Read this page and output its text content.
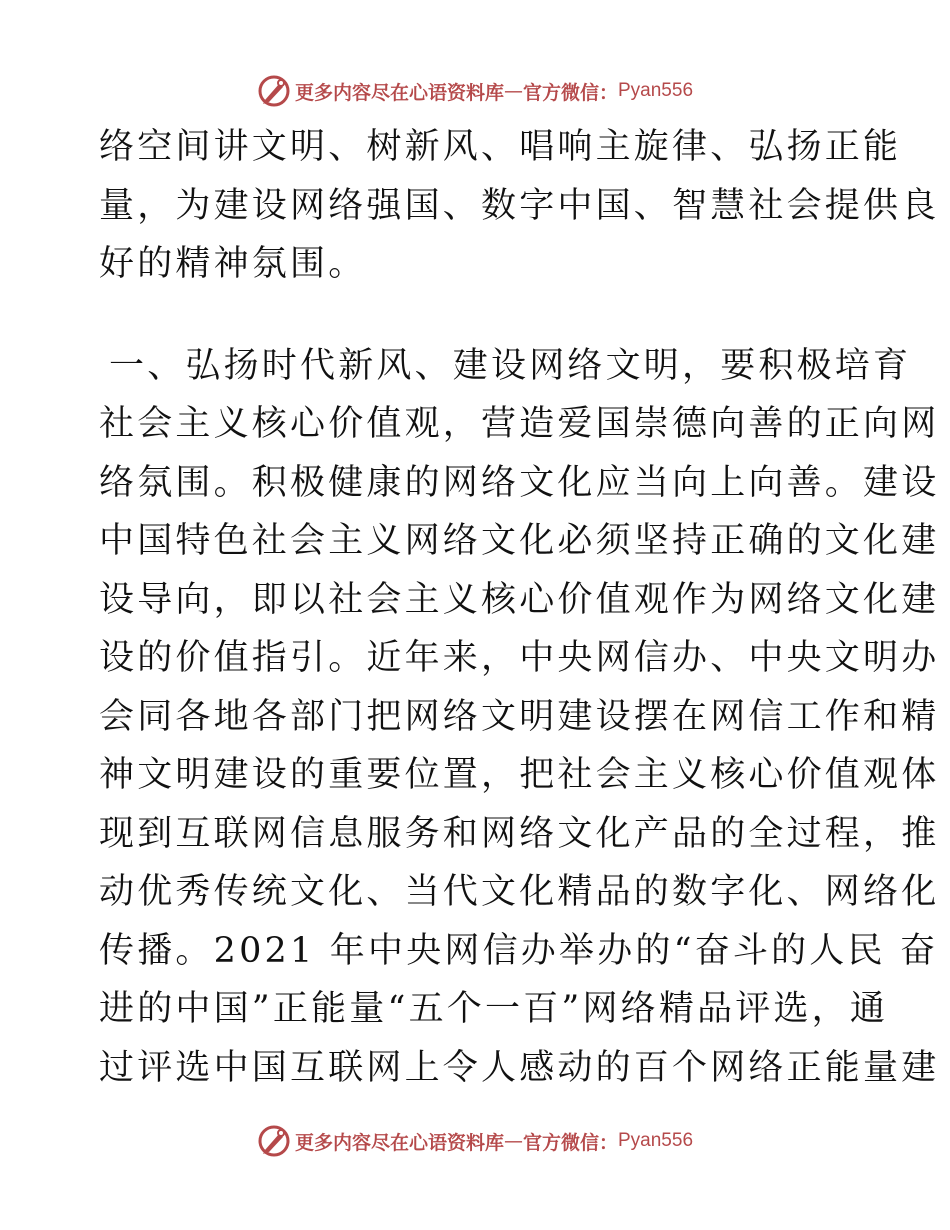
更多内容尽在心语资料库 — 官方微信： Pyan556
络空间讲文明、树新风、唱响主旋律、弘扬正能
量，为建设网络强国、数字中国、智慧社会提供良
好的精神氛围。
一、弘扬时代新风、建设网络文明，要积极培育
社会主义核心价值观，营造爱国崇德向善的正向网
络氛围。积极健康的网络文化应当向上向善。建设
中国特色社会主义网络文化必须坚持正确的文化建
设导向，即以社会主义核心价值观作为网络文化建
设的价值指引。近年来，中央网信办、中央文明办
会同各地各部门把网络文明建设摆在网信工作和精
神文明建设的重要位置，把社会主义核心价值观体
现到互联网信息服务和网络文化产品的全过程，推
动优秀传统文化、当代文化精品的数字化、网络化
传播。2021 年中央网信办举办的“奋斗的人民 奋
进的中国”正能量“五个一百”网络精品评选，通
过评选中国互联网上令人感动的百个网络正能量建
更多内容尽在心语资料库 — 官方微信： Pyan556
